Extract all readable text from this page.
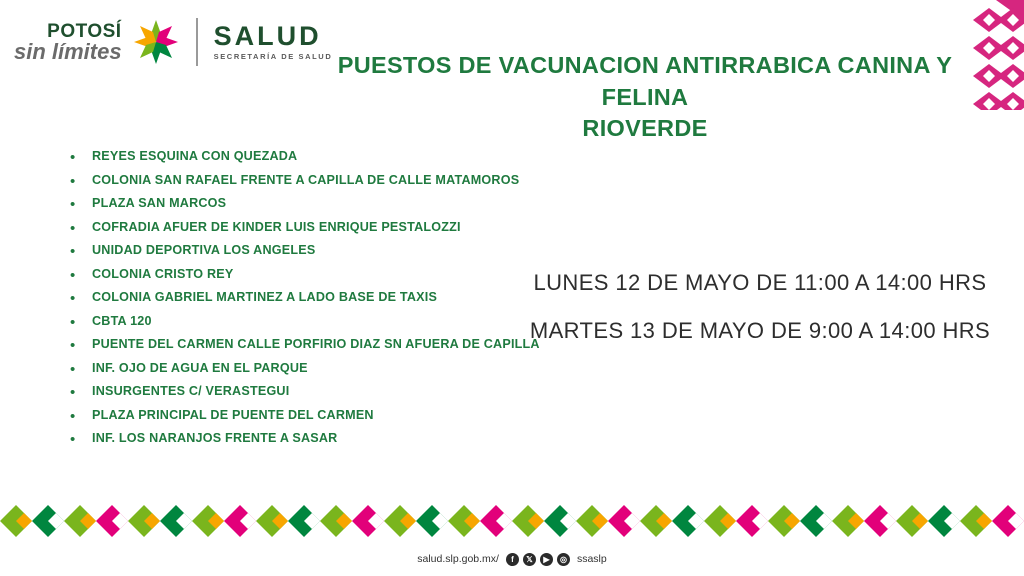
POTOSÍ
sin límites	SALUD
SECRETARÍA DE SALUD PUESTOS DE VACUNACION ANTIRRABICA CANINA Y FELINA
RIOVERDE
•	REYES ESQUINA CON QUEZADA
•	COLONIA SAN RAFAEL FRENTE A CAPILLA DE CALLE MATAMOROS
•	PLAZA SAN MARCOS
•	COFRADIA AFUER DE KINDER LUIS ENRIQUE PESTALOZZI
•	UNIDAD DEPORTIVA LOS ANGELES
•	COLONIA CRISTO REY
•	COLONIA GABRIEL MARTINEZ A LADO BASE DE TAXIS
•	CBTA 120
•	PUENTE DEL CARMEN CALLE PORFIRIO DIAZ SN AFUERA DE CAPILLA
•	INF. OJO DE AGUA EN EL PARQUE
•	INSURGENTES C/ VERASTEGUI
•	PLAZA PRINCIPAL DE PUENTE DEL CARMEN
•	INF. LOS NARANJOS FRENTE A SASAR
LUNES 12 DE MAYO DE 11:00 A 14:00 HRS
MARTES 13 DE MAYO DE 9:00 A 14:00 HRS
salud.slp.gob.mx/	f	𝕏	▶	◎ ssaslp
